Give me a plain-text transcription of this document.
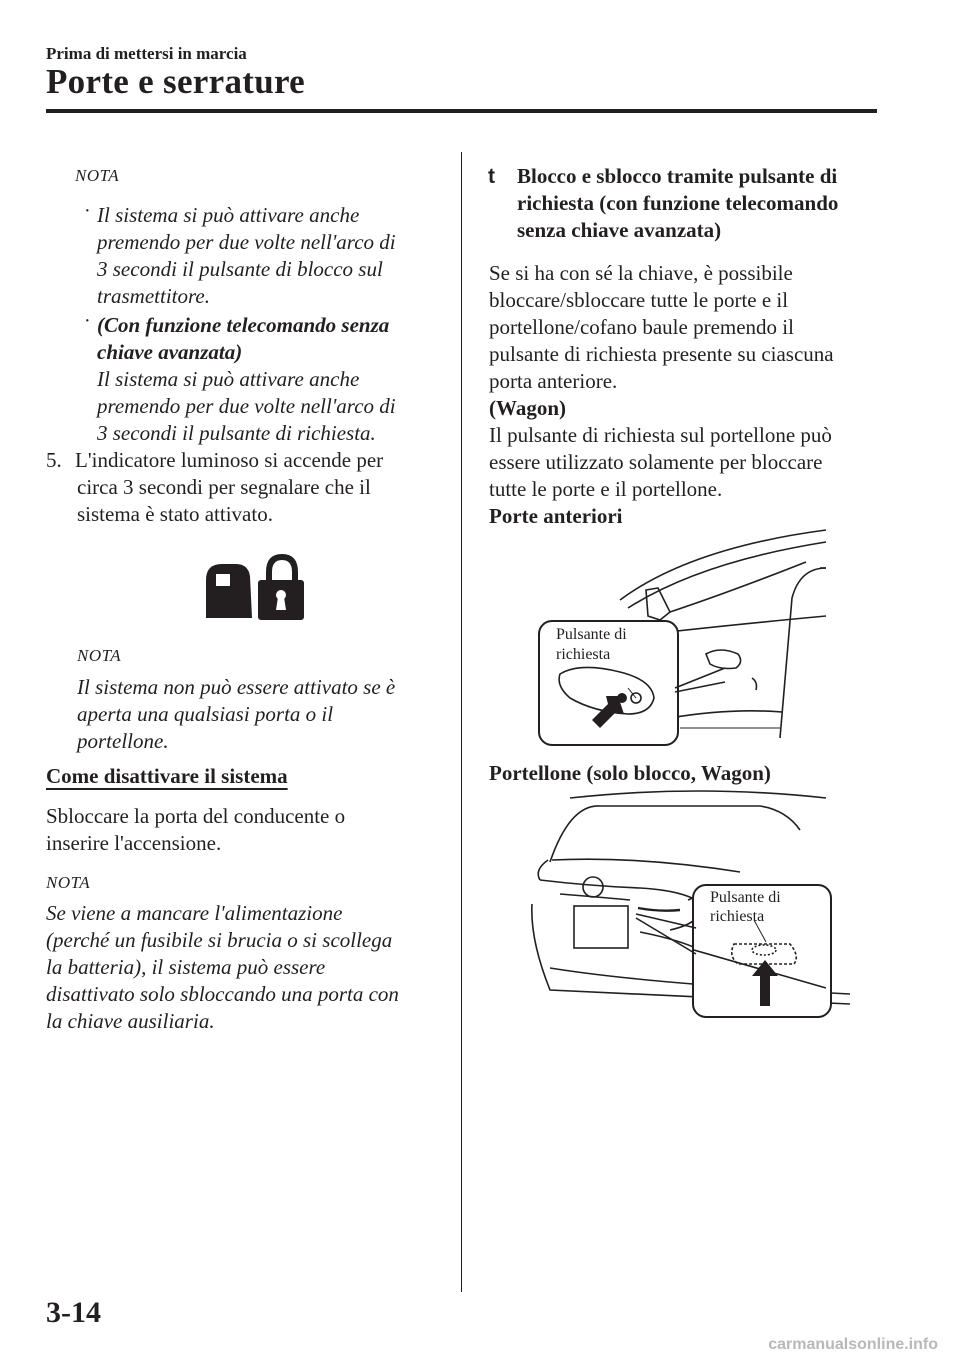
Prima di mettersi in marcia
Porte e serrature
NOTA
· Il sistema si può attivare anche
premendo per due volte nell'arco di
3 secondi il pulsante di blocco sul
trasmettitore.
· (Con funzione telecomando senza
chiave avanzata)
Il sistema si può attivare anche
premendo per due volte nell'arco di
3 secondi il pulsante di richiesta.
5. L'indicatore luminoso si accende per
circa 3 secondi per segnalare che il
sistema è stato attivato.
NOTA
Il sistema non può essere attivato se è
aperta una qualsiasi porta o il
portellone.
Come disattivare il sistema
Sbloccare la porta del conducente o
inserire l'accensione.
NOTA
Se viene a mancare l'alimentazione
(perché un fusibile si brucia o si scollega
la batteria), il sistema può essere
disattivato solo sbloccando una porta con
la chiave ausiliaria.
t Blocco e sblocco tramite pulsante di
richiesta (con funzione telecomando
senza chiave avanzata)
Se si ha con sé la chiave, è possibile
bloccare/sbloccare tutte le porte e il
portellone/cofano baule premendo il
pulsante di richiesta presente su ciascuna
porta anteriore.
(Wagon)
Il pulsante di richiesta sul portellone può
essere utilizzato solamente per bloccare
tutte le porte e il portellone.
Porte anteriori
Pulsante di
richiesta
Portellone (solo blocco, Wagon)
Pulsante di
richiesta
3-14
carmanualsonline.info
